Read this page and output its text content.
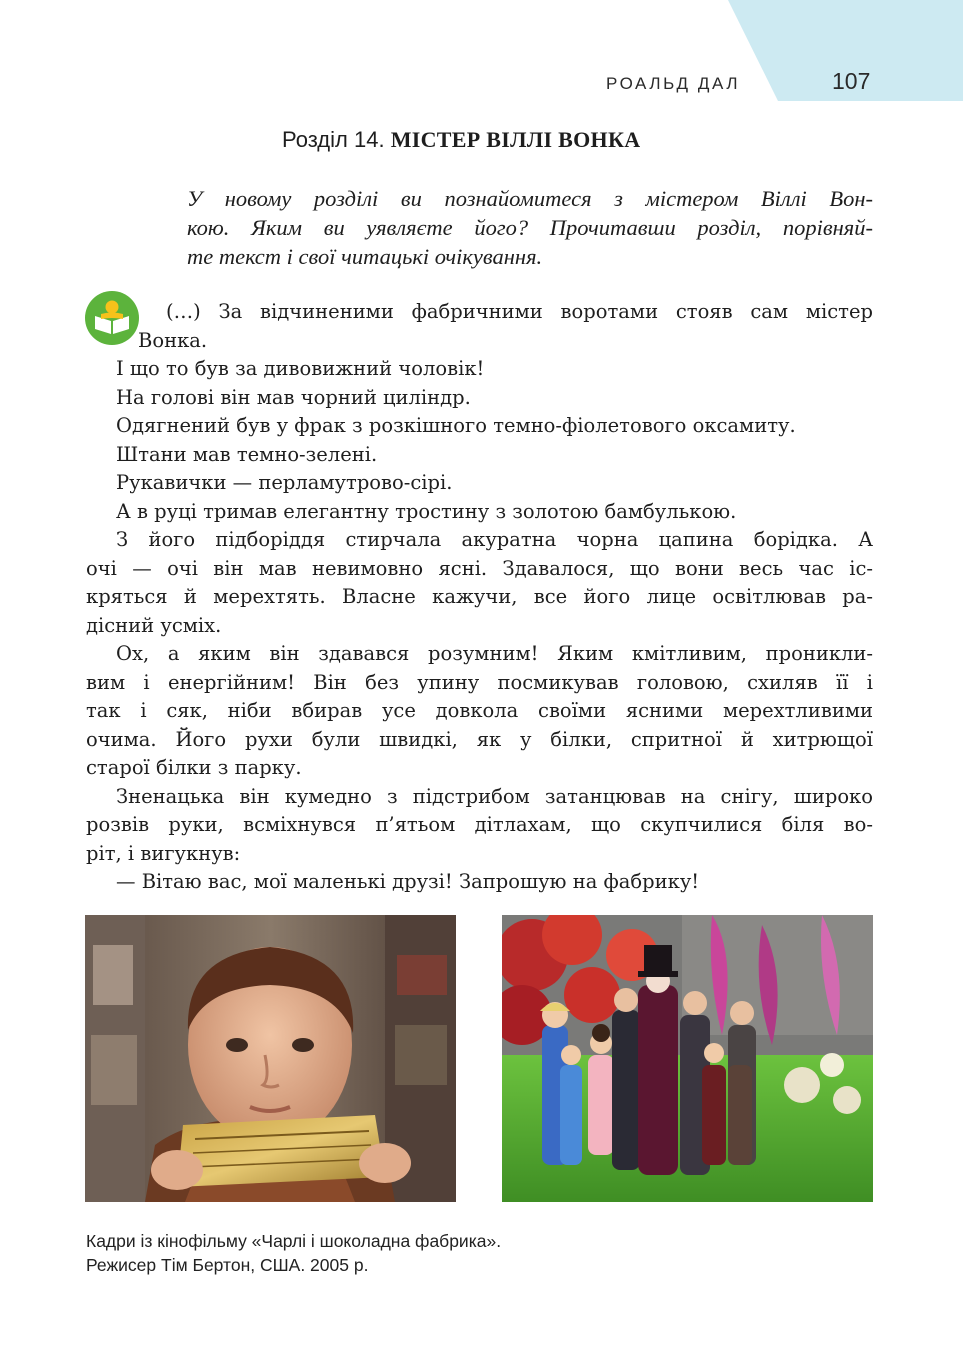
РОАЛЬД ДАЛ	107
Розділ 14. МІСТЕР ВІЛЛІ ВОНКА
У новому розділі ви познайомитеся з містером Віллі Вон-
кою. Яким ви уявляєте його? Прочитавши розділ, порівняй-
те текст і свої читацькі очікування.
(…) За відчиненими фабричними воротами стояв сам містер
Вонка.
І що то був за дивовижний чоловік!
На голові він мав чорний циліндр.
Одягнений був у фрак з розкішного темно-фіолетового оксамиту.
Штани мав темно-зелені.
Рукавички — перламутрово-сірі.
А в руці тримав елегантну тростину з золотою бамбулькою.
З його підборіддя стирчала акуратна чорна цапина борідка. А
очі — очі він мав невимовно ясні. Здавалося, що вони весь час іс-
кряться й мерехтять. Власне кажучи, все його лице освітлював ра-
дісний усміх.
Ох, а яким він здавався розумним! Яким кмітливим, проникли-
вим і енергійним! Він без упину посмикував головою, схиляв її і
так і сяк, ніби вбирав усе довкола своїми ясними мерехтливими
очима. Його рухи були швидкі, як у білки, спритної й хитрющої
старої білки з парку.
Зненацька він кумедно з підстрибом затанцював на снігу, широко
розвів руки, всміхнувся п’ятьом дітлахам, що скупчилися біля во-
ріт, і вигукнув:
— Вітаю вас, мої маленькі друзі! Запрошую на фабрику!
Кадри із кінофільму «Чарлі і шоколадна фабрика».
Режисер Тім Бертон, США. 2005 р.
